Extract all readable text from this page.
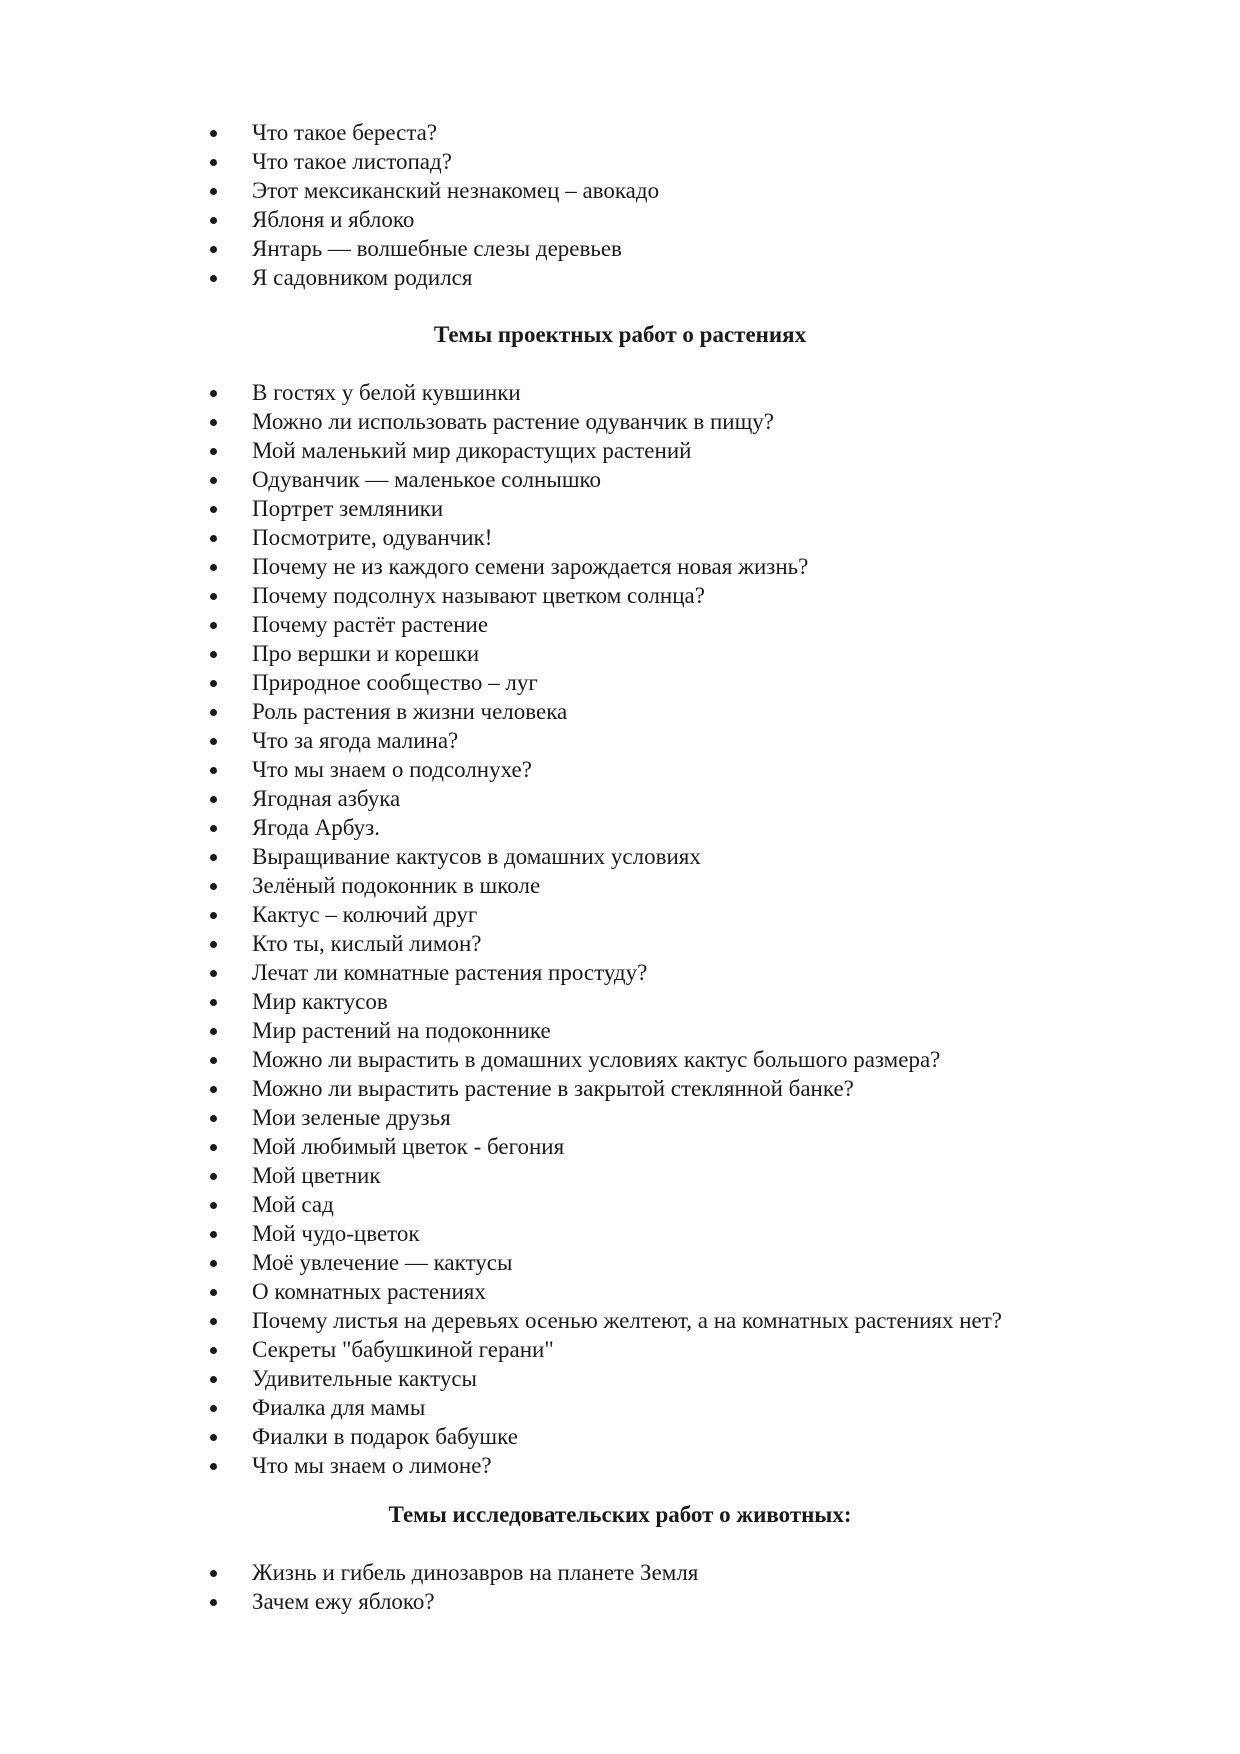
Что такое береста?
Что такое листопад?
Этот мексиканский незнакомец – авокадо
Яблоня и яблоко
Янтарь — волшебные слезы деревьев
Я садовником родился
Темы проектных работ о растениях
В гостях у белой кувшинки
Можно ли использовать растение одуванчик в пищу?
Мой маленький мир дикорастущих растений
Одуванчик — маленькое солнышко
Портрет земляники
Посмотрите, одуванчик!
Почему не из каждого семени зарождается новая жизнь?
Почему подсолнух называют цветком солнца?
Почему растёт растение
Про вершки и корешки
Природное сообщество – луг
Роль растения в жизни человека
Что за ягода малина?
Что мы знаем о подсолнухе?
Ягодная азбука
Ягода Арбуз.
Выращивание кактусов в домашних условиях
Зелёный подоконник в школе
Кактус – колючий друг
Кто ты, кислый лимон?
Лечат ли комнатные растения простуду?
Мир кактусов
Мир растений на подоконнике
Можно ли вырастить в домашних условиях кактус большого размера?
Можно ли вырастить растение в закрытой стеклянной банке?
Мои зеленые друзья
Мой любимый цветок - бегония
Мой цветник
Мой сад
Мой чудо-цветок
Моё увлечение — кактусы
О комнатных растениях
Почему листья на деревьях осенью желтеют, а на комнатных растениях нет?
Секреты "бабушкиной герани"
Удивительные кактусы
Фиалка для мамы
Фиалки в подарок бабушке
Что мы знаем о лимоне?
Темы исследовательских работ о животных:
Жизнь и гибель динозавров на планете Земля
Зачем ежу яблоко?
